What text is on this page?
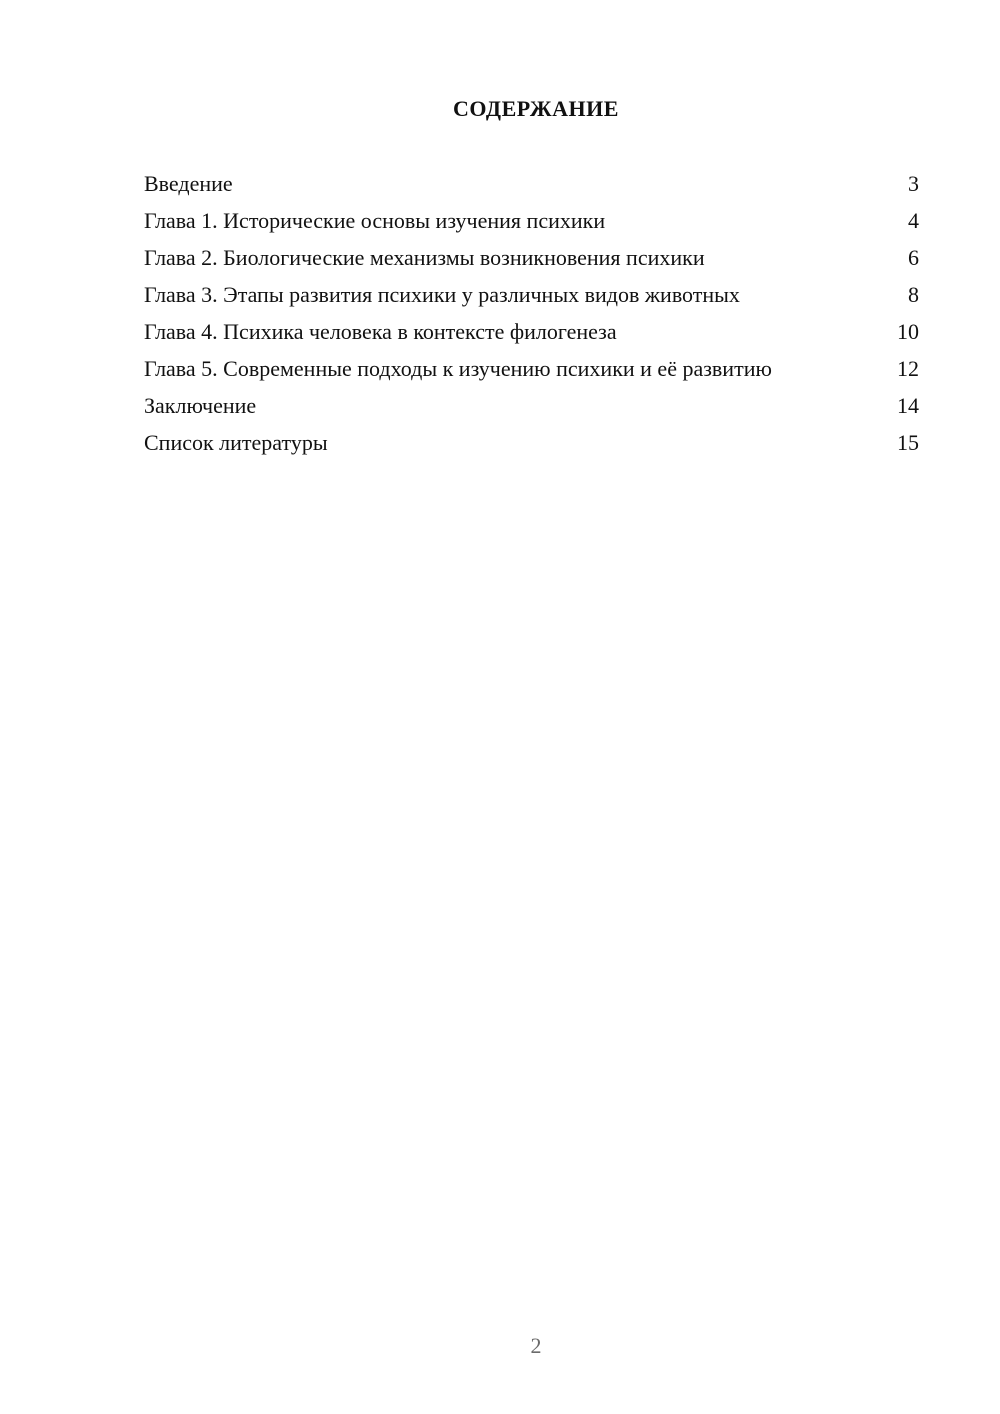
СОДЕРЖАНИЕ
Введение	3
Глава 1. Исторические основы изучения психики	4
Глава 2. Биологические механизмы возникновения психики	6
Глава 3. Этапы развития психики у различных видов животных	8
Глава 4. Психика человека в контексте филогенеза	10
Глава 5. Современные подходы к изучению психики и её развитию	12
Заключение	14
Список литературы	15
2
